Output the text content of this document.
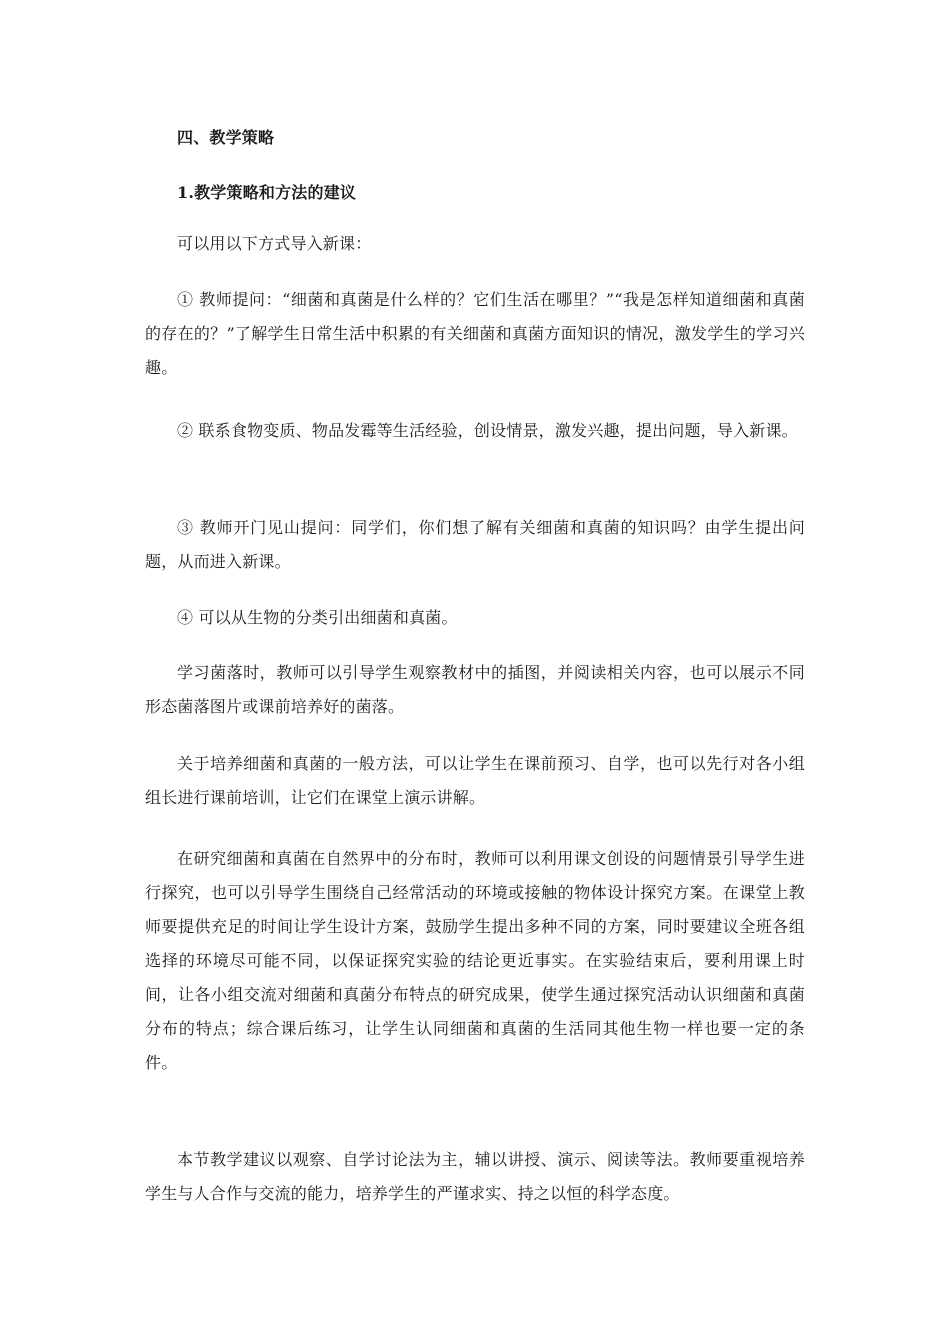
四、教学策略

1.教学策略和方法的建议

可以用以下方式导入新课：

① 教师提问：“细菌和真菌是什么样的？它们生活在哪里？”“我是怎样知道细菌和真菌的存在的？”了解学生日常生活中积累的有关细菌和真菌方面知识的情况，激发学生的学习兴趣。

② 联系食物变质、物品发霉等生活经验，创设情景，激发兴趣，提出问题，导入新课。

③ 教师开门见山提问：同学们，你们想了解有关细菌和真菌的知识吗？由学生提出问题，从而进入新课。

④ 可以从生物的分类引出细菌和真菌。

学习菌落时，教师可以引导学生观察教材中的插图，并阅读相关内容，也可以展示不同形态菌落图片或课前培养好的菌落。

关于培养细菌和真菌的一般方法，可以让学生在课前预习、自学，也可以先行对各小组组长进行课前培训，让它们在课堂上演示讲解。

在研究细菌和真菌在自然界中的分布时，教师可以利用课文创设的问题情景引导学生进行探究，也可以引导学生围绕自己经常活动的环境或接触的物体设计探究方案。在课堂上教师要提供充足的时间让学生设计方案，鼓励学生提出多种不同的方案，同时要建议全班各组选择的环境尽可能不同，以保证探究实验的结论更近事实。在实验结束后，要利用课上时间，让各小组交流对细菌和真菌分布特点的研究成果，使学生通过探究活动认识细菌和真菌分布的特点；综合课后练习，让学生认同细菌和真菌的生活同其他生物一样也要一定的条件。

本节教学建议以观察、自学讨论法为主，辅以讲授、演示、阅读等法。教师要重视培养学生与人合作与交流的能力，培养学生的严谨求实、持之以恒的科学态度。
